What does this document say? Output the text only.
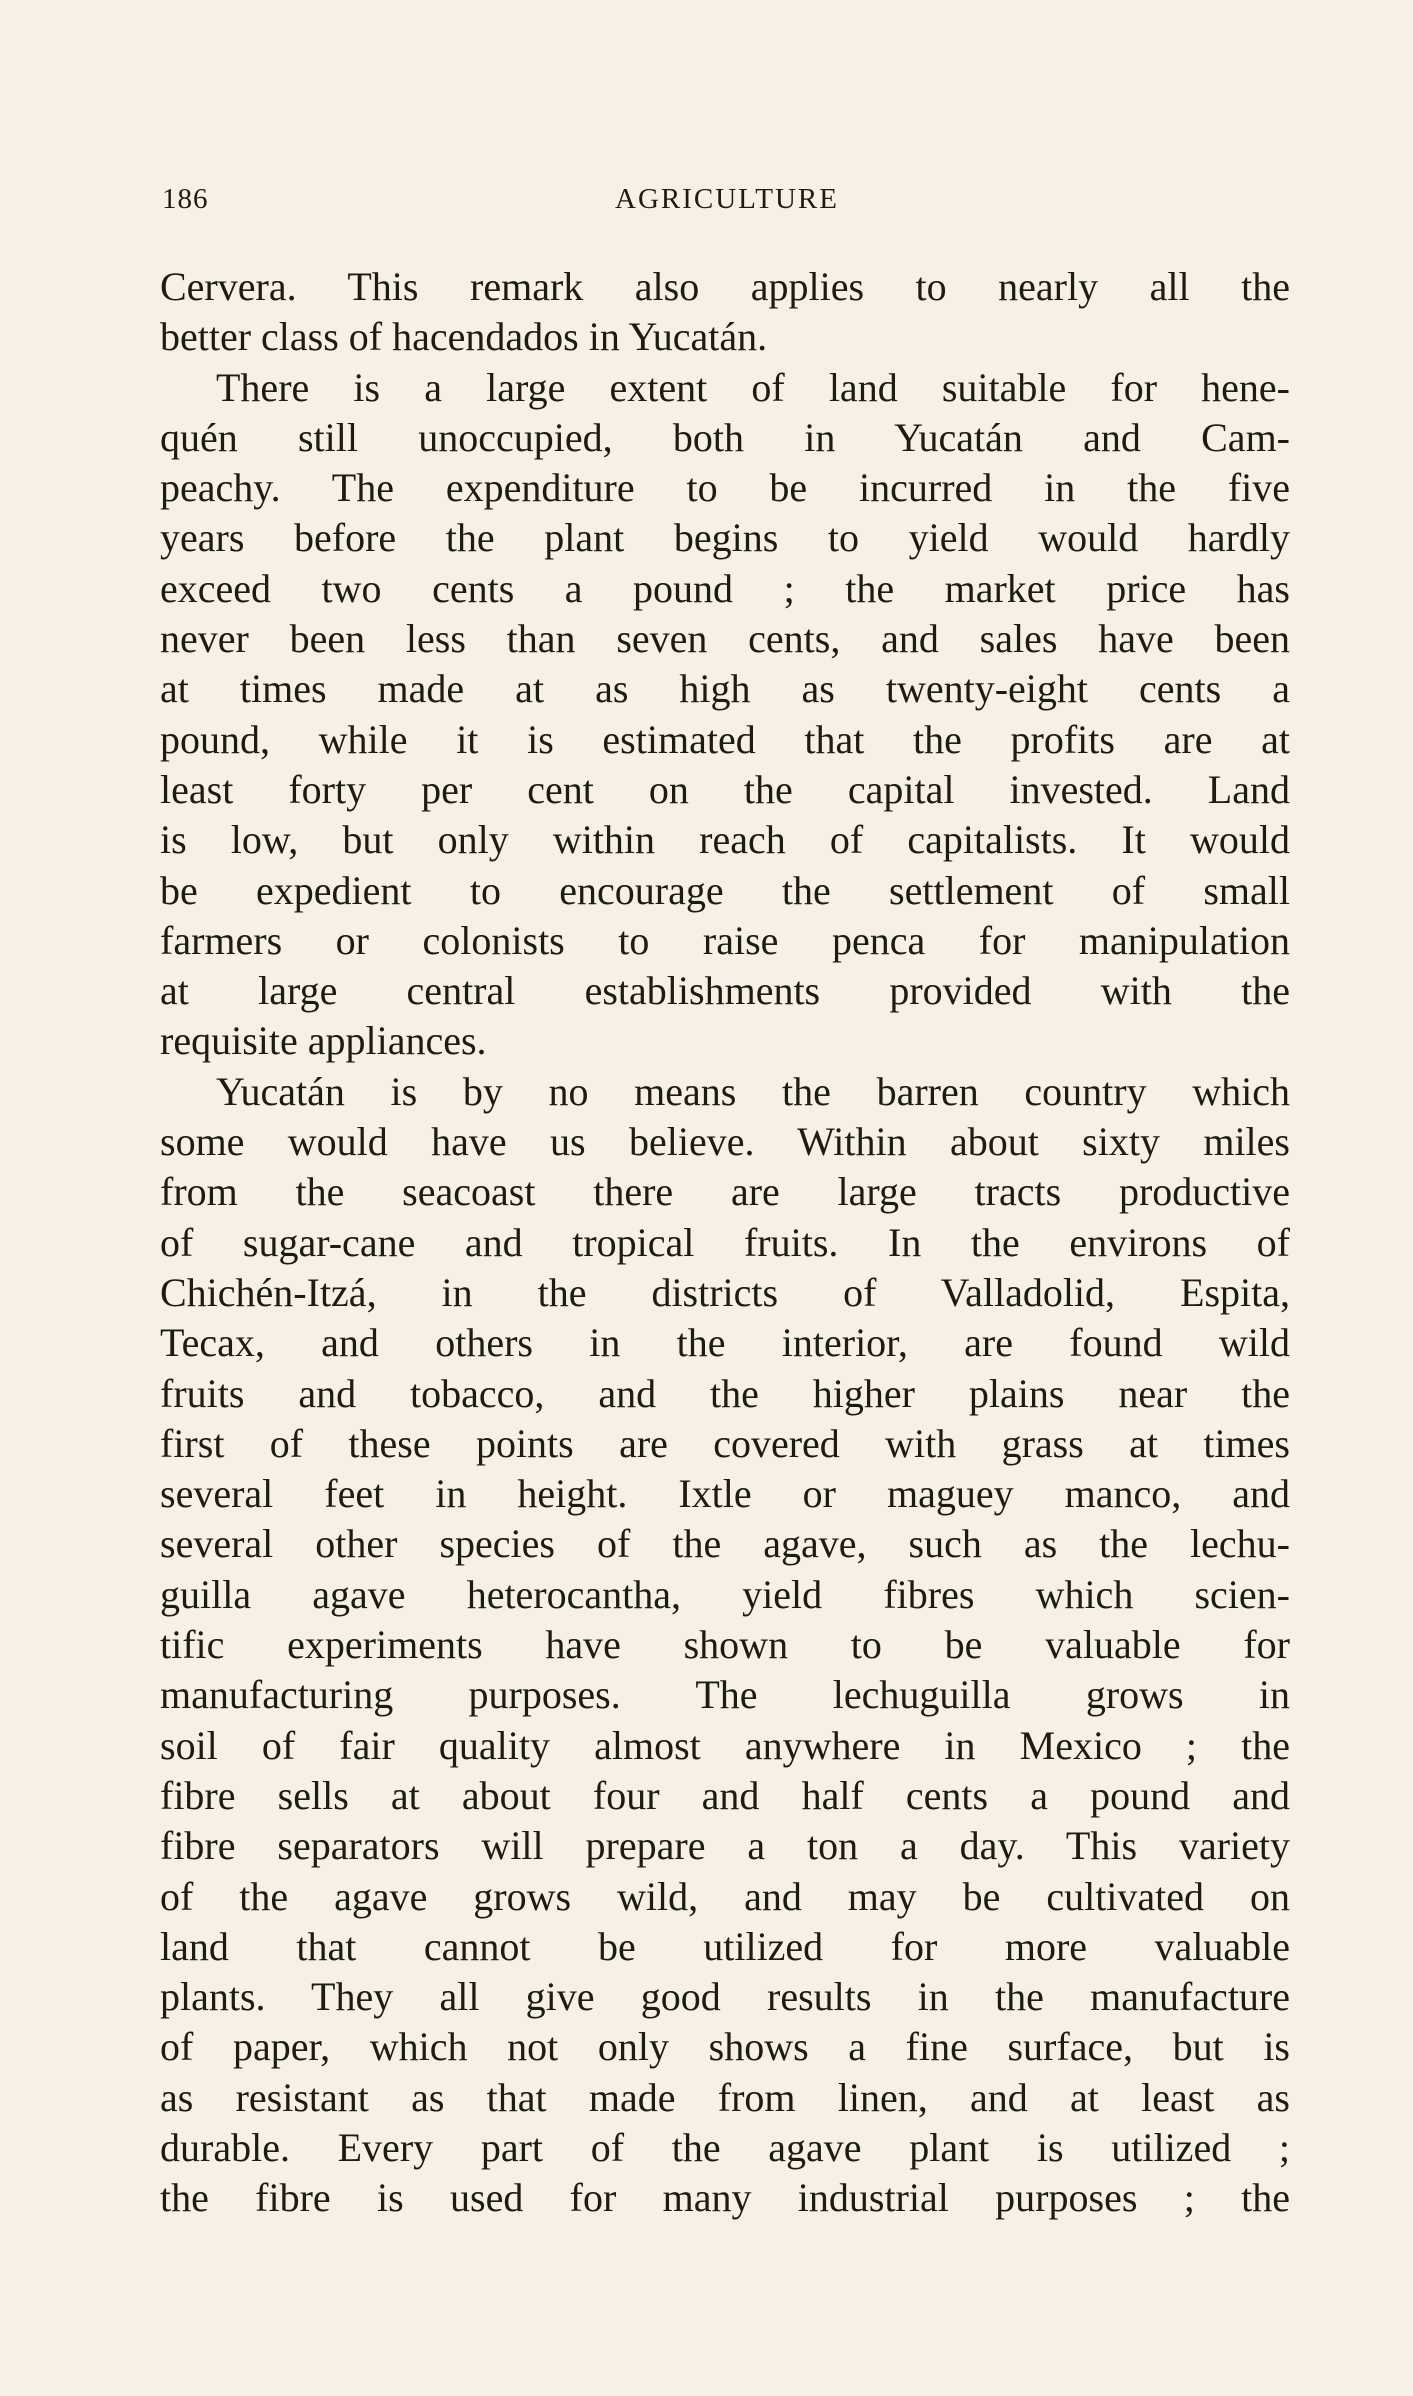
186	AGRICULTURE
Cervera. This remark also applies to nearly all the
better class of hacendados in Yucatán.
There is a large extent of land suitable for hene-
quén still unoccupied, both in Yucatán and Cam-
peachy. The expenditure to be incurred in the five
years before the plant begins to yield would hardly
exceed two cents a pound ; the market price has
never been less than seven cents, and sales have been
at times made at as high as twenty-eight cents a
pound, while it is estimated that the profits are at
least forty per cent on the capital invested. Land
is low, but only within reach of capitalists. It would
be expedient to encourage the settlement of small
farmers or colonists to raise penca for manipulation
at large central establishments provided with the
requisite appliances.
Yucatán is by no means the barren country which
some would have us believe. Within about sixty miles
from the seacoast there are large tracts productive
of sugar-cane and tropical fruits. In the environs of
Chichén-Itzá, in the districts of Valladolid, Espita,
Tecax, and others in the interior, are found wild
fruits and tobacco, and the higher plains near the
first of these points are covered with grass at times
several feet in height. Ixtle or maguey manco, and
several other species of the agave, such as the lechu-
guilla agave heterocantha, yield fibres which scien-
tific experiments have shown to be valuable for
manufacturing purposes. The lechuguilla grows in
soil of fair quality almost anywhere in Mexico ; the
fibre sells at about four and half cents a pound and
fibre separators will prepare a ton a day. This variety
of the agave grows wild, and may be cultivated on
land that cannot be utilized for more valuable
plants. They all give good results in the manufacture
of paper, which not only shows a fine surface, but is
as resistant as that made from linen, and at least as
durable. Every part of the agave plant is utilized ;
the fibre is used for many industrial purposes ; the
